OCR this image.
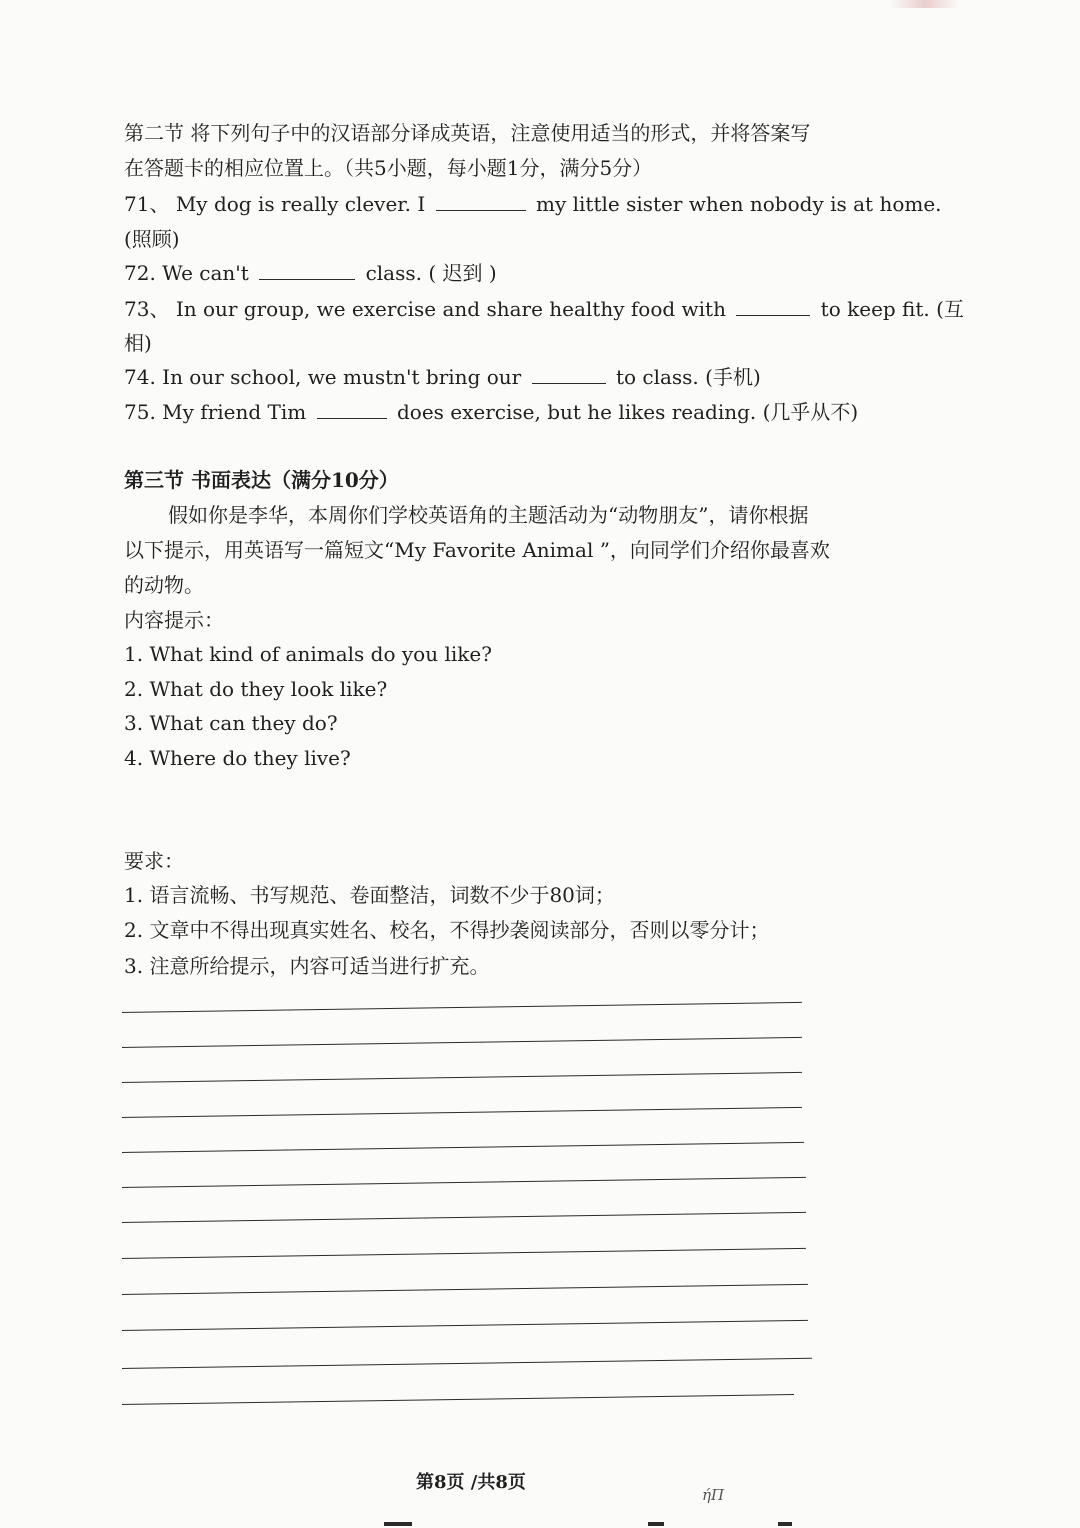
第二节 将下列句子中的汉语部分译成英语，注意使用适当的形式，并将答案写
在答题卡的相应位置上。（共5小题，每小题1分，满分5分）
71、 My dog is really clever. I	my little sister when nobody is at home.
(照顾)
72. We can't	class. ( 迟到 )
73、 In our group, we exercise and share healthy food with	to keep fit. (互
相)
74. In our school, we mustn't bring our	to class. (手机)
75. My friend Tim	does exercise, but he likes reading. (几乎从不)
第三节 书面表达（满分10分）
假如你是李华，本周你们学校英语角的主题活动为“动物朋友”，请你根据
以下提示，用英语写一篇短文“My Favorite Animal ”，向同学们介绍你最喜欢
的动物。
内容提示：
1. What kind of animals do you like?
2. What do they look like?
3. What can they do?
4. Where do they live?
要求：
1. 语言流畅、书写规范、卷面整洁，词数不少于80词；
2. 文章中不得出现真实姓名、校名，不得抄袭阅读部分，否则以零分计；
3. 注意所给提示，内容可适当进行扩充。
第8页 /共8页
ήΠ
